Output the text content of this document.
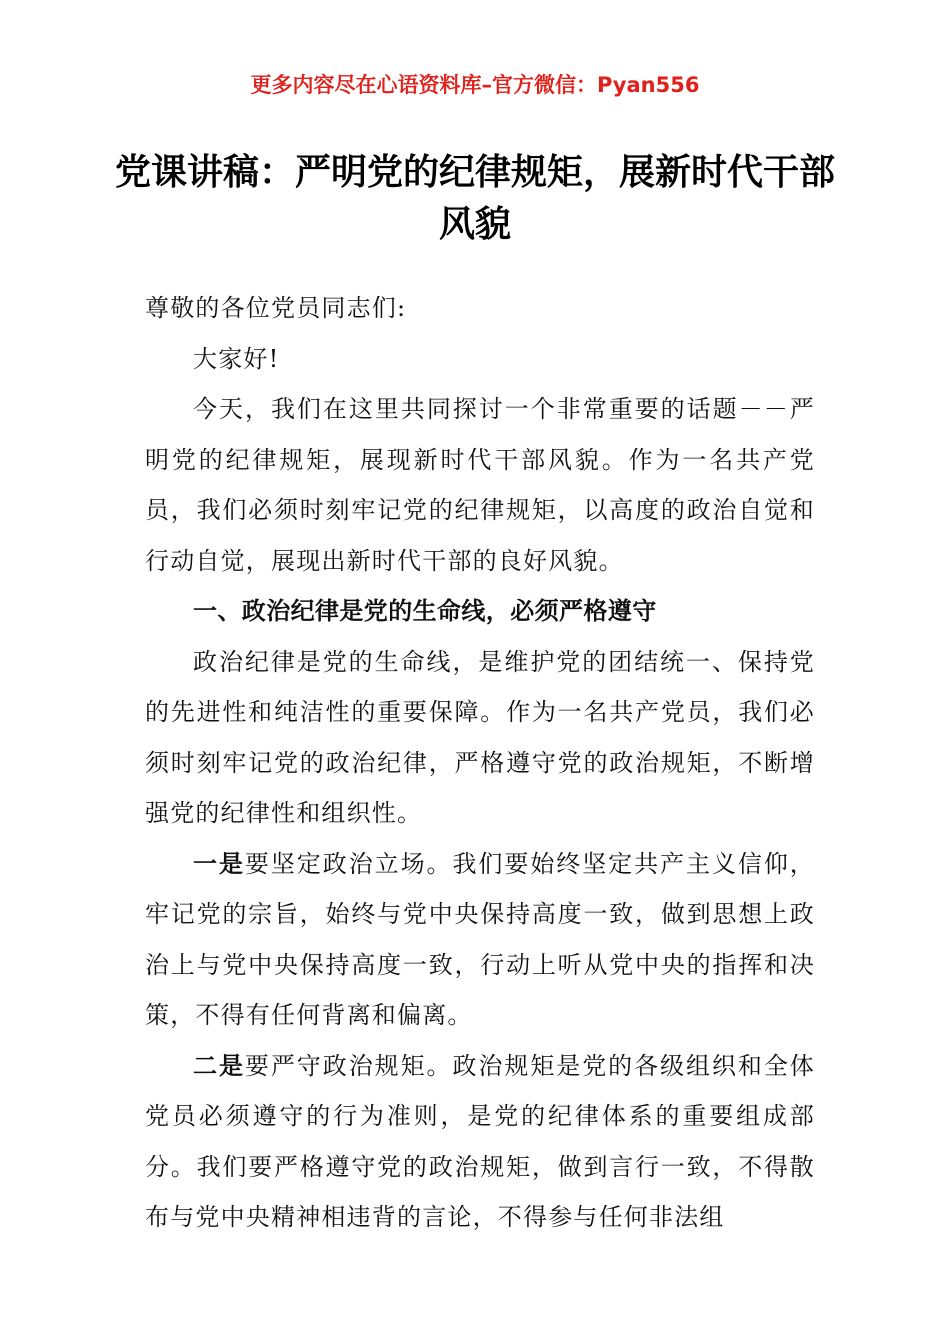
更多内容尽在心语资料库–官方微信：Pyan556
党课讲稿：严明党的纪律规矩，展新时代干部风貌

尊敬的各位党员同志们:

大家好!

今天，我们在这里共同探讨一个非常重要的话题－－严明党的纪律规矩，展现新时代干部风貌。作为一名共产党员，我们必须时刻牢记党的纪律规矩，以高度的政治自觉和行动自觉，展现出新时代干部的良好风貌。

一、政治纪律是党的生命线，必须严格遵守

政治纪律是党的生命线，是维护党的团结统一、保持党的先进性和纯洁性的重要保障。作为一名共产党员，我们必须时刻牢记党的政治纪律，严格遵守党的政治规矩，不断增强党的纪律性和组织性。

一是要坚定政治立场。我们要始终坚定共产主义信仰，牢记党的宗旨，始终与党中央保持高度一致，做到思想上政治上与党中央保持高度一致，行动上听从党中央的指挥和决策，不得有任何背离和偏离。

二是要严守政治规矩。政治规矩是党的各级组织和全体党员必须遵守的行为准则，是党的纪律体系的重要组成部分。我们要严格遵守党的政治规矩，做到言行一致，不得散布与党中央精神相违背的言论，不得参与任何非法组
